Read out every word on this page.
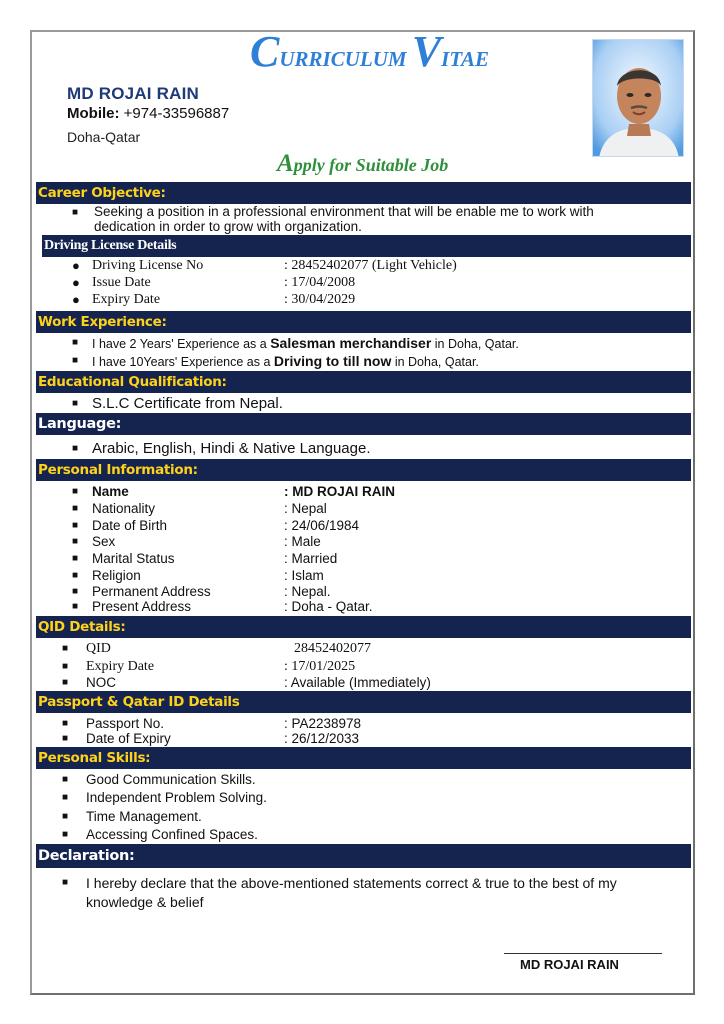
CURRICULUM VITAE
MD ROJAI RAIN
Mobile: +974-33596887
Doha-Qatar
Apply for Suitable Job
Career Objective:
■ Seeking a position in a professional environment that will be enable me to work with
dedication in order to grow with organization.
Driving License Details
● Driving License No	: 28452402077 (Light Vehicle)
● Issue Date	: 17/04/2008
● Expiry Date	: 30/04/2029
Work Experience:
■ I have 2 Years' Experience as a Salesman merchandiser in Doha, Qatar.
■ I have 10Years' Experience as a Driving to till now in Doha, Qatar.
Educational Qualification:
■ S.L.C Certificate from Nepal.
Language:
■ Arabic, English, Hindi & Native Language.
Personal Information:
■ Name	: MD ROJAI RAIN
■ Nationality	: Nepal
■ Date of Birth	: 24/06/1984
■ Sex	: Male
■ Marital Status	: Married
■ Religion	: Islam
■ Permanent Address	: Nepal.
■ Present Address	: Doha - Qatar.
QID Details:
■ QID	28452402077
■ Expiry Date	: 17/01/2025
■ NOC	: Available (Immediately)
Passport & Qatar ID Details
■ Passport No.	: PA2238978
■ Date of Expiry	: 26/12/2033
Personal Skills:
■ Good Communication Skills.
■ Independent Problem Solving.
■ Time Management.
■ Accessing Confined Spaces.
Declaration:
■ I hereby declare that the above-mentioned statements correct & true to the best of my
knowledge & belief
MD ROJAI RAIN
